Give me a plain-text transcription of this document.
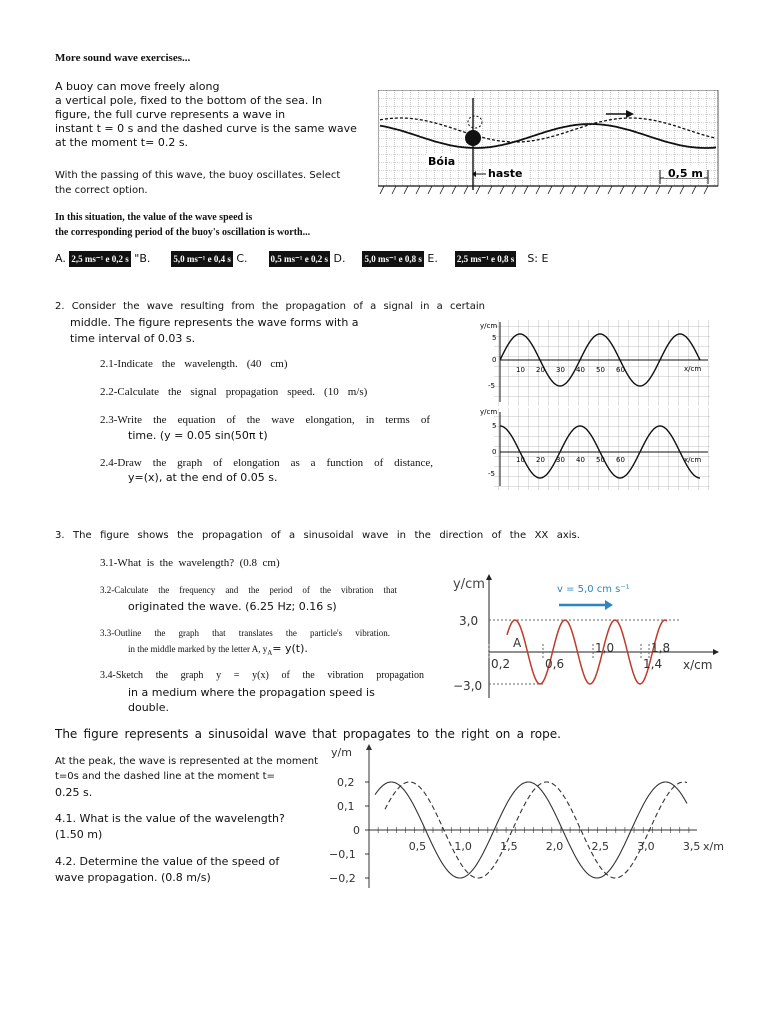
More sound wave exercises...
A buoy can move freely along
a vertical pole, fixed to the bottom of the sea. In
figure, the full curve represents a wave in
instant t = 0 s and the dashed curve is the same wave
at the moment t= 0.2 s.
With the passing of this wave, the buoy oscillates. Select
the correct option.
In this situation, the value of the wave speed is
the corresponding period of the buoy's oscillation is worth...
A. 2,5 ms⁻¹ e 0,2 s "B.	5,0 ms⁻¹ e 0,4 s C.	0,5 ms⁻¹ e 0,2 s D. 5,0 ms⁻¹ e 0,8 s E. 2,5 ms⁻¹ e 0,8 s S: E
Bóia
haste	0,5 m
2. Consider the wave resulting from the propagation of a signal in a certain
middle. The figure represents the wave forms with a
time interval of 0.03 s.
2.1-Indicate the wavelength. (40 cm)
2.2-Calculate the signal propagation speed. (10 m/s)
2.3-Write the equation of the wave elongation, in terms of
time. (y = 0.05 sin(50π t)
2.4-Draw the graph of elongation as a function of distance,
y=(x), at the end of 0.05 s.
y/cm
y/cm
5
0
-5
5
0
-5
10 20 30 40 50 60
10 20 30 40 50 60
x/cm
x/cm
3. The figure shows the propagation of a sinusoidal wave in the direction of the XX axis.
3.1-What  is  the  wavelength?  (0.8  cm)
3.2-Calculate the frequency and the period of the vibration that
originated the wave. (6.25 Hz; 0.16 s)
3.3-Outline the graph that translates the particle's vibration.
in the middle marked by the letter A, $y_A= y(t)$.
3.4-Sketch the graph y = y(x) of the vibration propagation
in a medium where the propagation speed is
double.
y/cm
3,0
−3,0
x/cm
v = 5,0 cm s⁻¹
A
0,2	0,6
1,0
1,4
1,8
The figure represents a sinusoidal wave that propagates to the right on a rope.
At the peak, the wave is represented at the moment
t=0s and the dashed line at the moment t=
0.25 s.
4.1. What is the value of the wavelength?
(1.50 m)
4.2. Determine the value of the speed of
wave propagation. (0.8 m/s)
y/m
0,2
0,1
0
−0,1
−0,2
0,5	1,0	1,5	2,0	2,5	3,0	3,5 x/m
